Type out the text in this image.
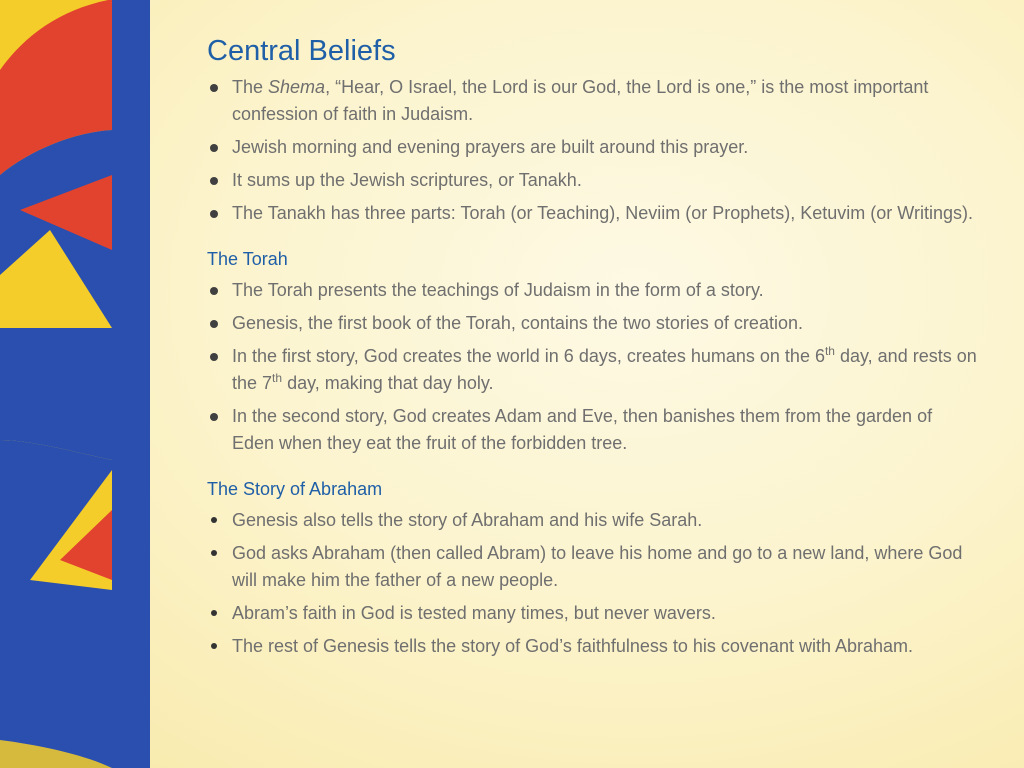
Central Beliefs
The Shema, “Hear, O Israel, the Lord is our God, the Lord is one,” is the most important confession of faith in Judaism.
Jewish morning and evening prayers are built around this prayer.
It sums up the Jewish scriptures, or Tanakh.
The Tanakh has three parts: Torah (or Teaching), Neviim (or Prophets), Ketuvim (or Writings).

The Torah

The Torah presents the teachings of Judaism in the form of a story.
Genesis, the first book of the Torah, contains the two stories of creation.
In the first story, God creates the world in 6 days, creates humans on the 6th day, and rests on the 7th day, making that day holy.
In the second story, God creates Adam and Eve, then banishes them from the garden of Eden when they eat the fruit of the forbidden tree.

The Story of Abraham

Genesis also tells the story of Abraham and his wife Sarah.
God asks Abraham (then called Abram) to leave his home and go to a new land, where God will make him the father of a new people.
Abram’s faith in God is tested many times, but never wavers.
The rest of Genesis tells the story of God’s faithfulness to his covenant with Abraham.
